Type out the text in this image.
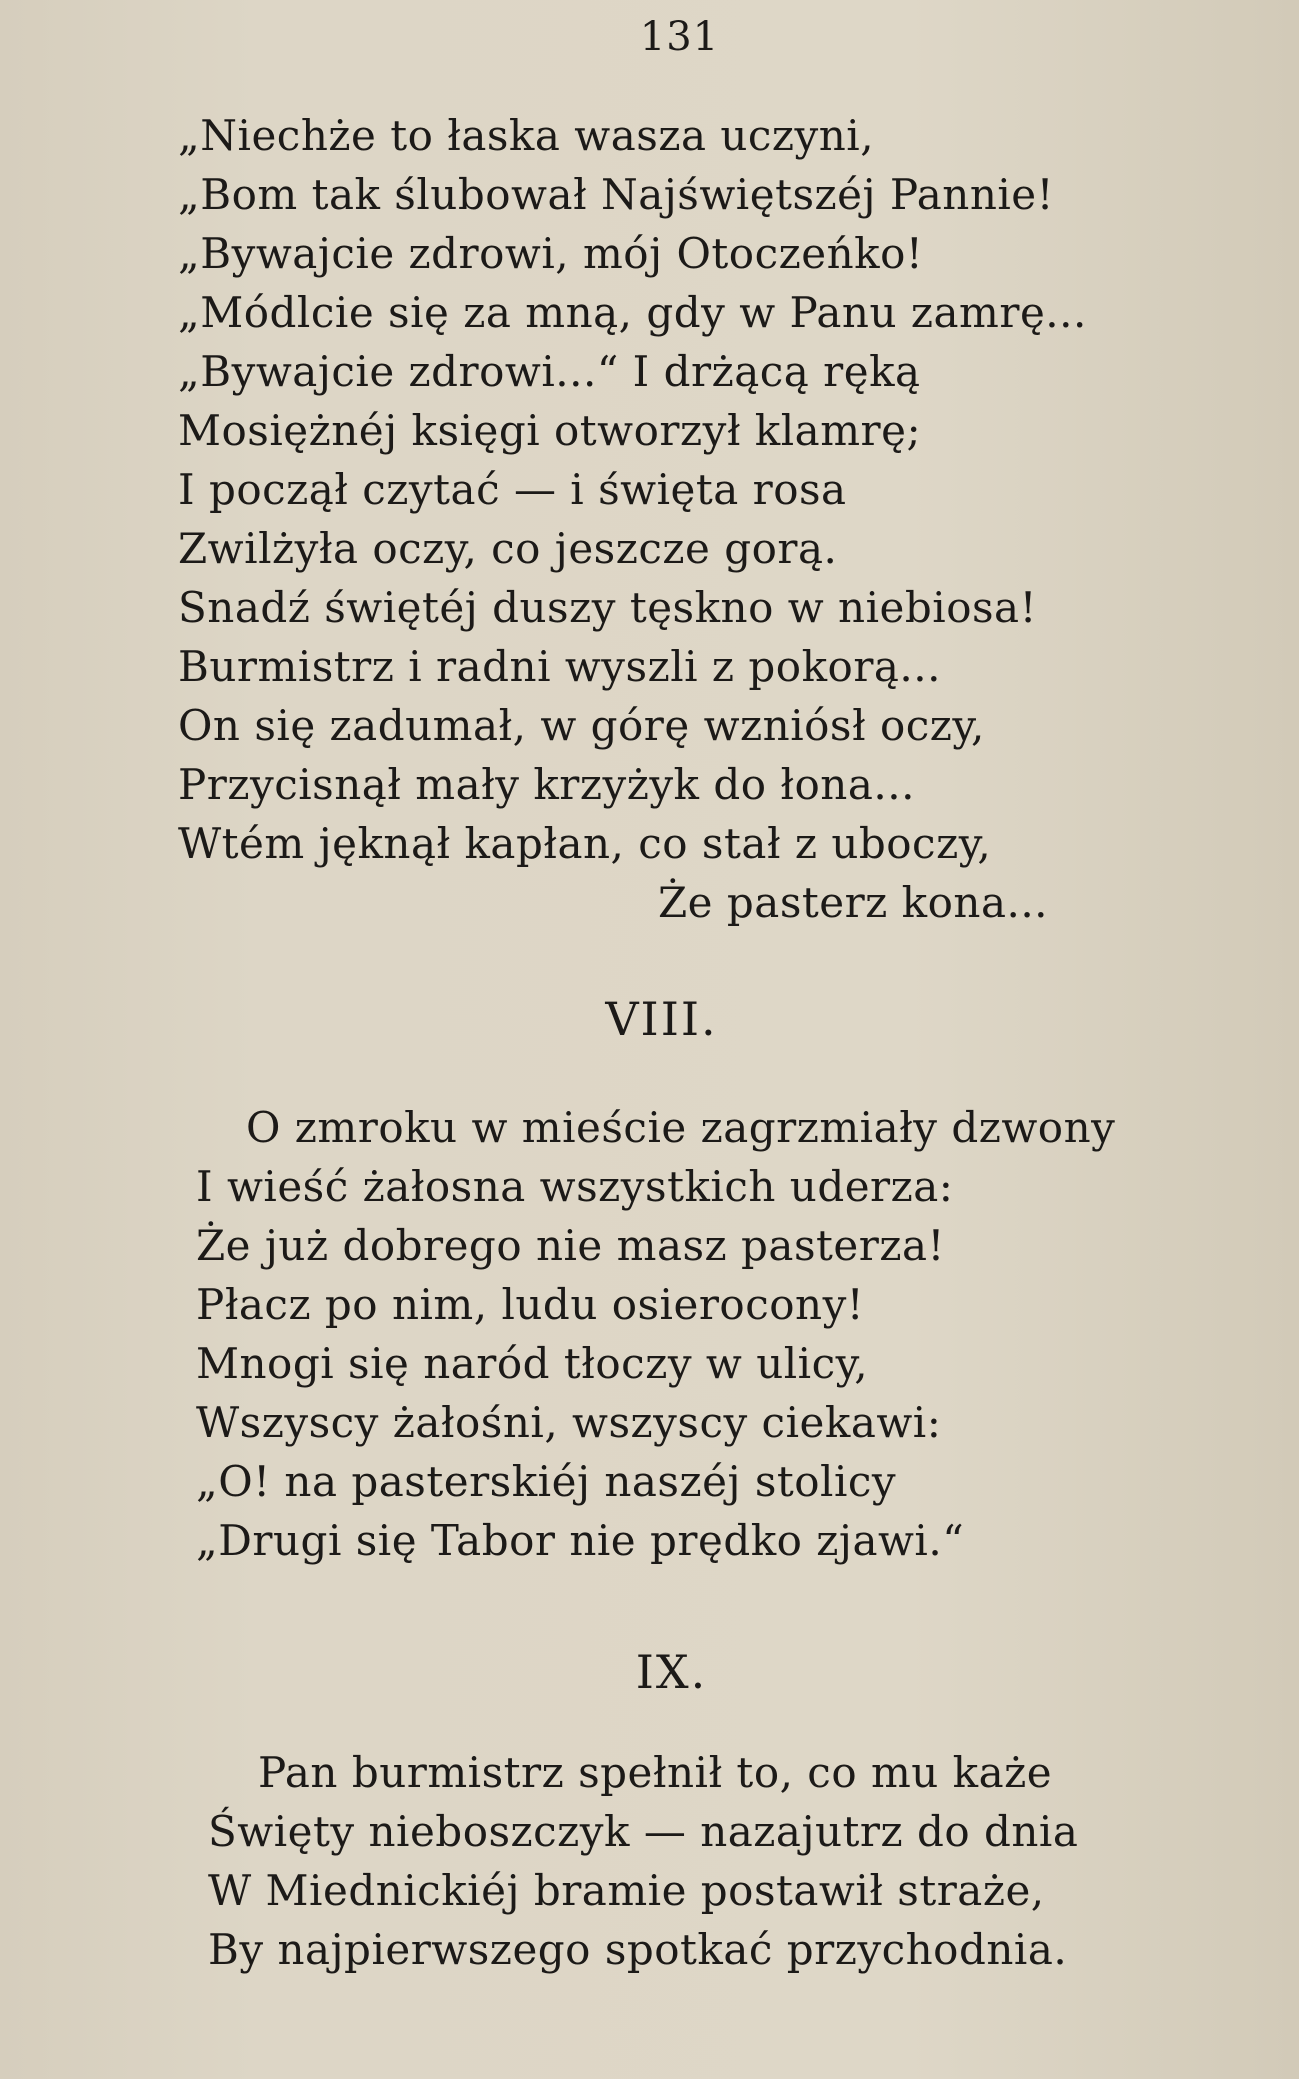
131
„Niechże to łaska wasza uczyni,
„Bom tak ślubował Najświętszéj Pannie!
„Bywajcie zdrowi, mój Otoczeńko!
„Módlcie się za mną, gdy w Panu zamrę...
„Bywajcie zdrowi...“ I drżącą ręką
Mosiężnéj księgi otworzył klamrę;
I począł czytać — i święta rosa
Zwilżyła oczy, co jeszcze gorą.
Snadź świętéj duszy tęskno w niebiosa!
Burmistrz i radni wyszli z pokorą...
On się zadumał, w górę wzniósł oczy,
Przycisnął mały krzyżyk do łona...
Wtém jęknął kapłan, co stał z uboczy,
Że pasterz kona...
VIII.
O zmroku w mieście zagrzmiały dzwony
I wieść żałosna wszystkich uderza:
Że już dobrego nie masz pasterza!
Płacz po nim, ludu osierocony!
Mnogi się naród tłoczy w ulicy,
Wszyscy żałośni, wszyscy ciekawi:
„O! na pasterskiéj naszéj stolicy
„Drugi się Tabor nie prędko zjawi.“
IX.
Pan burmistrz spełnił to, co mu każe
Święty nieboszczyk — nazajutrz do dnia
W Miednickiéj bramie postawił straże,
By najpierwszego spotkać przychodnia.
